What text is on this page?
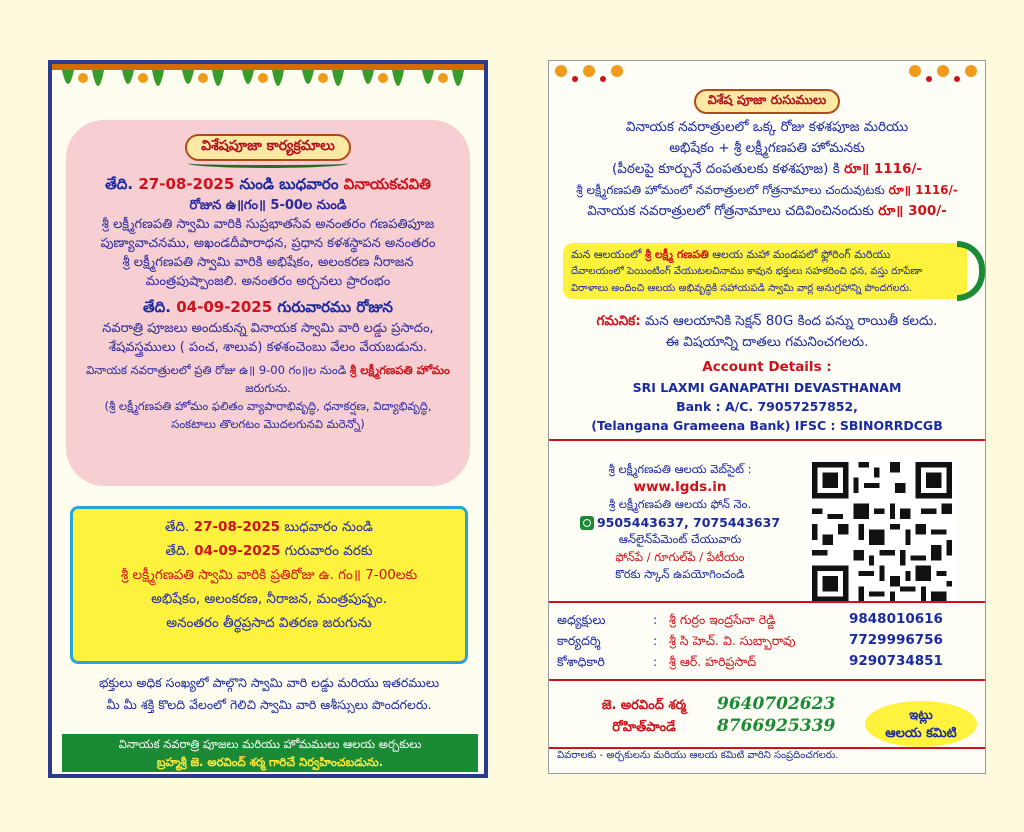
విశేషపూజా కార్యక్రమాలు
తేది. 27-08-2025 నుండి బుధవారం వినాయకచవితి
రోజున ఉ॥గం॥ 5-00ల నుండి
శ్రీ లక్ష్మీగణపతి స్వామి వారికి సుప్రభాతసేవ అనంతరం గణపతిపూజ
పుణ్యావాచనము, అఖండదీపారాధన, ప్రధాన కళశస్థాపన అనంతరం
శ్రీ లక్ష్మీగణపతి స్వామి వారికి అభిషేకం, అలంకరణ నీరాజన
మంత్రపుష్పాంజలి. అనంతరం అర్చనలు ప్రారంభం
తేది. 04-09-2025 గురువారము రోజున
నవరాత్రి పూజలు అందుకున్న వినాయక స్వామి వారి లడ్డు ప్రసాదం,
శేషవస్త్రములు ( పంచ, శాలువ) కళశంచెంబు వేలం వేయబడును.
వినాయక నవరాత్రులలో ప్రతి రోజు ఉ॥ 9-00 గం॥ల నుండి శ్రీ లక్ష్మీగణపతి హోమం జరుగును.
(శ్రీ లక్ష్మీగణపతి హోమం ఫలితం వ్యాపారాభివృద్ధి, ధనాకర్షణ, విద్యాభివృద్ధి,
సంకటాలు తొలగటం మొదలగునవి మరెన్నో)
తేది. 27-08-2025 బుధవారం నుండి
తేది. 04-09-2025 గురువారం వరకు
శ్రీ లక్ష్మీగణపతి స్వామి వారికి ప్రతిరోజు ఉ. గం॥ 7-00లకు
అభిషేకం, అలంకరణ, నీరాజన, మంత్రపుష్పం.
అనంతరం తీర్థప్రసాద వితరణ జరుగును
భక్తులు అధిక సంఖ్యలో పాల్గొని స్వామి వారి లడ్డు మరియు ఇతరములు
మీ మీ శక్తి కొలది వేలంలో గెలిచి స్వామి వారి ఆశీస్సులు పొందగలరు.
వినాయక నవరాత్రి పూజలు మరియు హోమములు ఆలయ అర్చకులు
బ్రహ్మశ్రీ జె. అరవింద్ శర్మ గారిచే నిర్వహించబడును.
విశేష పూజా రుసుములు
వినాయక నవరాత్రులలో ఒక్క రోజు కళశపూజ మరియు
అభిషేకం + శ్రీ లక్ష్మీగణపతి హోమనకు
(పీఠలపై కూర్చునే దంపతులకు కళశపూజ) కి రూ॥ 1116/-
శ్రీ లక్ష్మీగణపతి హోమంలో నవరాత్రులలో గోత్రనామాలు చందువుటకు రూ॥ 1116/-
వినాయక నవరాత్రులలో గోత్రనామాలు చదివించినందుకు రూ॥ 300/-
మన ఆలయంలో శ్రీ లక్ష్మీ గణపతి ఆలయ మహా మండపలో ఫ్లోరింగ్ మరియు
దేవాలయంలో పెయింటింగ్ వేయుటలచినాము కావున భక్తులు సహకరించి ధన, వస్తు రూపేణా
విరాళాలు అందించి ఆలయ అభివృద్ధికి సహాయపడి స్వామి వార్ల అనుగ్రహాన్ని పొందగలరు.
గమనిక: మన ఆలయానికి సెక్షన్ 80G కింద పన్ను రాయితీ కలదు.
ఈ విషయాన్ని దాతలు గమనించగలరు.
Account Details :
SRI LAXMI GANAPATHI DEVASTHANAM
Bank : A/C. 79057257852,
(Telangana Grameena Bank) IFSC : SBINORRDCGB
శ్రీ లక్ష్మీగణపతి ఆలయ వెబ్‌సైట్ :
www.lgds.in
శ్రీ లక్ష్మీగణపతి ఆలయ ఫోన్ నెం.
9505443637, 7075443637
ఆన్‌లైన్‌పేమెంట్ చేయువారు
ఫోన్‌పే / గూగుల్‌పే / పేటీయం
కొరకు స్కాన్ ఉపయోగించండి
అధ్యక్షులు	: శ్రీ గుర్రం ఇంద్రసేనా రెడ్డి	9848010616
కార్యదర్శి	: శ్రీ సి హెచ్. వి. సుబ్బారావు	7729996756
కోశాధికారి	: శ్రీ ఆర్. హరిప్రసాద్	9290734851
జె. అరవింద్ శర్మ
రోహిత్‌పాండే
9640702623
8766925339
ఇట్లు
ఆలయ కమిటి
వివరాలకు - అర్చకులను మరియు ఆలయ కమిటి వారిని సంప్రదించగలరు.
